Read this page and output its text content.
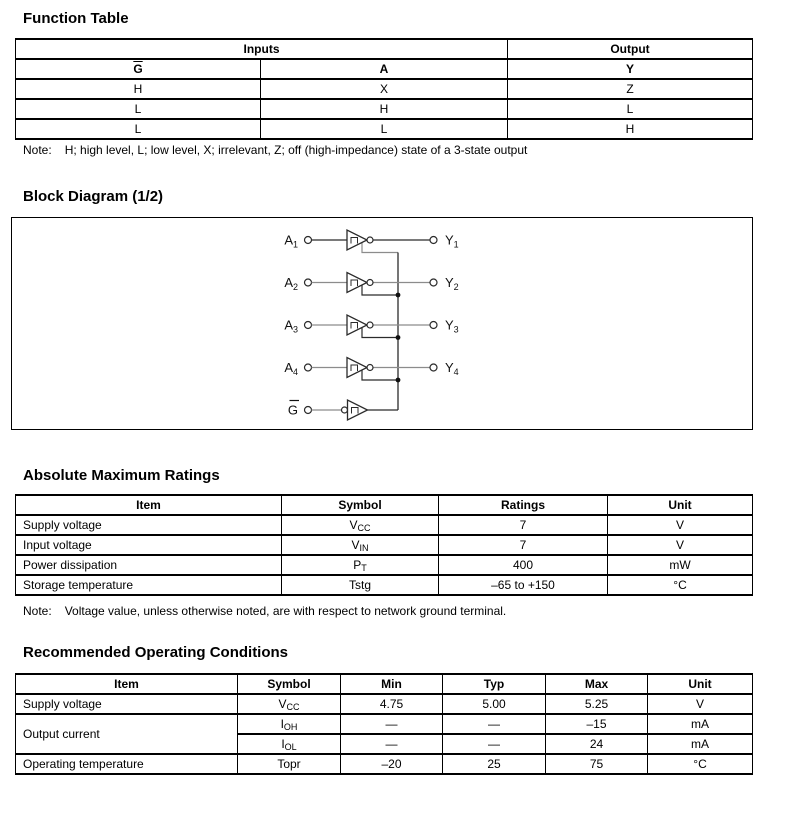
Function Table
Inputs		Output
$\overline{G}$	A	Y
H	X	Z
L	H	L
L	L	H
Note: H; high level, L; low level, X; irrelevant, Z; off (high-impedance) state of a 3-state output
Block Diagram (1/2)
$A_1$	$Y_1$
$A_2$	$Y_2$
$A_3$	$Y_3$
$A_4$	$Y_4$
G
Absolute Maximum Ratings
Item	Symbol	Ratings	Unit
Supply voltage	$V_{CC}$	7	V
Input voltage	$V_{IN}$	7	V
Power dissipation	$P_T$	400	mW
Storage temperature	Tstg	–65 to +150	°C
Note: Voltage value, unless otherwise noted, are with respect to network ground terminal.
Recommended Operating Conditions
Item	Symbol	Min	Typ	Max	Unit
Supply voltage	$V_{CC}$	4.75	5.00	5.25	V
Output current	$I_{OH}$	—	—	–15	mA
	$I_{OL}$	—	—	24	mA
Operating temperature	Topr	–20	25	75	°C
